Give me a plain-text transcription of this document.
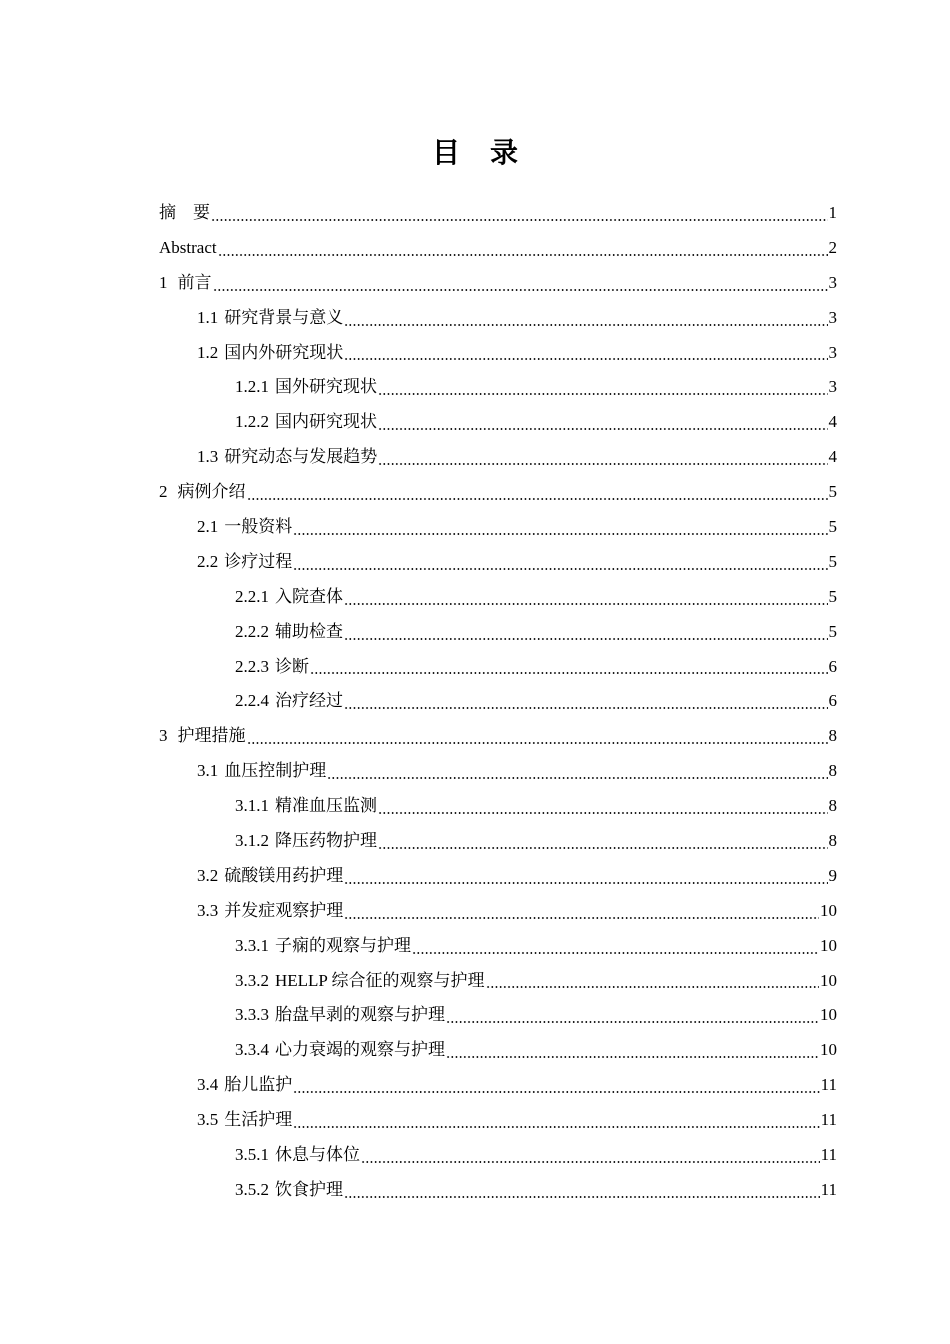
目 录
摘　要	1
Abstract	2
1 前言	3
1.1 研究背景与意义	3
1.2 国内外研究现状	3
1.2.1 国外研究现状	3
1.2.2 国内研究现状	4
1.3 研究动态与发展趋势	4
2 病例介绍	5
2.1 一般资料	5
2.2 诊疗过程	5
2.2.1 入院查体	5
2.2.2 辅助检查	5
2.2.3 诊断	6
2.2.4 治疗经过	6
3 护理措施	8
3.1 血压控制护理	8
3.1.1 精准血压监测	8
3.1.2 降压药物护理	8
3.2 硫酸镁用药护理	9
3.3 并发症观察护理	10
3.3.1 子痫的观察与护理	10
3.3.2 HELLP 综合征的观察与护理	10
3.3.3 胎盘早剥的观察与护理	10
3.3.4 心力衰竭的观察与护理	10
3.4 胎儿监护	11
3.5 生活护理	11
3.5.1 休息与体位	11
3.5.2 饮食护理	11
